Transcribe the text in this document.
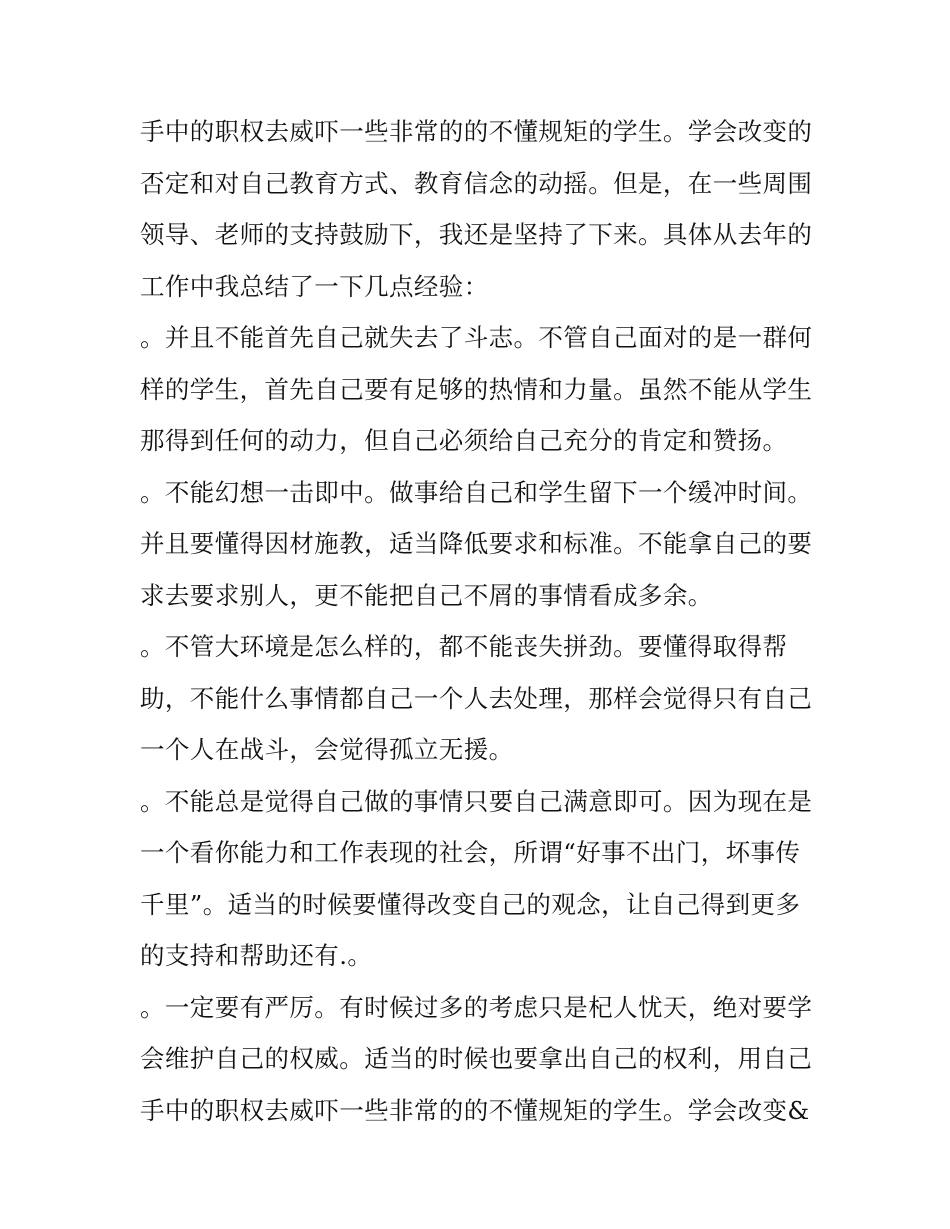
手中的职权去威吓一些非常的的不懂规矩的学生。学会改变的
否定和对自己教育方式、教育信念的动摇。但是，在一些周围
领导、老师的支持鼓励下，我还是坚持了下来。具体从去年的
工作中我总结了一下几点经验：
。并且不能首先自己就失去了斗志。不管自己面对的是一群何
样的学生，首先自己要有足够的热情和力量。虽然不能从学生
那得到任何的动力，但自己必须给自己充分的肯定和赞扬。
。不能幻想一击即中。做事给自己和学生留下一个缓冲时间。
并且要懂得因材施教，适当降低要求和标准。不能拿自己的要
求去要求别人，更不能把自己不屑的事情看成多余。
。不管大环境是怎么样的，都不能丧失拼劲。要懂得取得帮
助，不能什么事情都自己一个人去处理，那样会觉得只有自己
一个人在战斗，会觉得孤立无援。
。不能总是觉得自己做的事情只要自己满意即可。因为现在是
一个看你能力和工作表现的社会，所谓“好事不出门，坏事传
千里”。适当的时候要懂得改变自己的观念，让自己得到更多
的支持和帮助还有.。
。一定要有严厉。有时候过多的考虑只是杞人忧天，绝对要学
会维护自己的权威。适当的时候也要拿出自己的权利，用自己
手中的职权去威吓一些非常的的不懂规矩的学生。学会改变&
